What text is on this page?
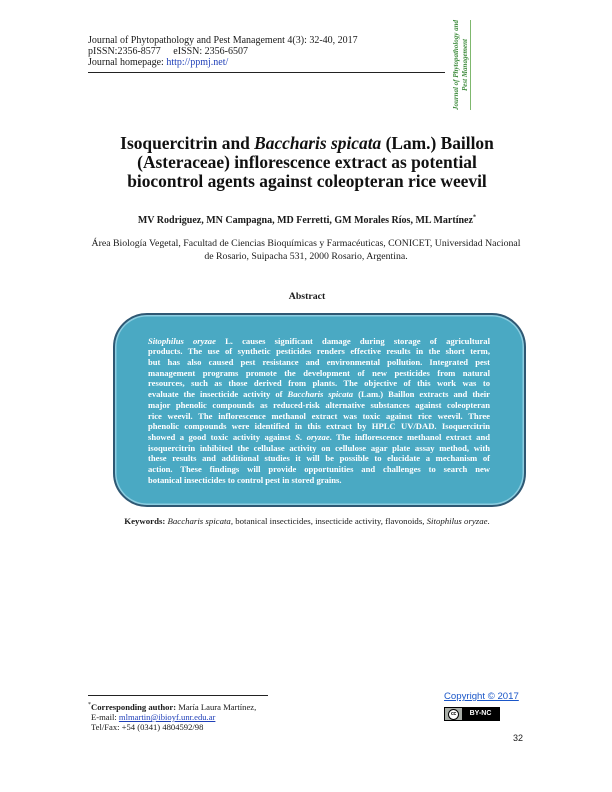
Journal of Phytopathology and Pest Management 4(3): 32-40, 2017
pISSN:2356-8577     eISSN: 2356-6507
Journal homepage: http://ppmj.net/	Journal of Phytopathology and Pest Management
Isoquercitrin and Baccharis spicata (Lam.) Baillon
(Asteraceae) inflorescence extract as potential
biocontrol agents against coleopteran rice weevil
MV Rodriguez, MN Campagna, MD Ferretti, GM Morales Ríos, ML Martínez*
Área Biología Vegetal, Facultad de Ciencias Bioquímicas y Farmacéuticas, CONICET, Universidad Nacional
de Rosario, Suipacha 531, 2000 Rosario, Argentina.
Abstract
Sitophilus oryzae L. causes significant damage during storage of agricultural
products. The use of synthetic pesticides renders effective results in the short term,
but has also caused pest resistance and environmental pollution. Integrated pest
management programs promote the development of new pesticides from natural
resources, such as those derived from plants. The objective of this work was to
evaluate the insecticide activity of Baccharis spicata (Lam.) Baillon extracts and their
major phenolic compounds as reduced-risk alternative substances against coleopteran
rice weevil. The inflorescence methanol extract was toxic against rice weevil. Three
phenolic compounds were identified in this extract by HPLC UV/DAD. Isoquercitrin
showed a good toxic activity against S. oryzae. The inflorescence methanol extract and
isoquercitrin inhibited the cellulase activity on cellulose agar plate assay method, with
these results and additional studies it will be possible to elucidate a mechanism of
action. These findings will provide opportunities and challenges to search new
botanical insecticides to control pest in stored grains.
Keywords: Baccharis spicata, botanical insecticides, insecticide activity, flavonoids, Sitophilus oryzae.
*Corresponding author: María Laura Martínez,
E-mail: mlmartin@ibioyf.unr.edu.ar
Tel/Fax: +54 (0341) 4804592/98
Copyright © 2017
cc	BY-NC
32
